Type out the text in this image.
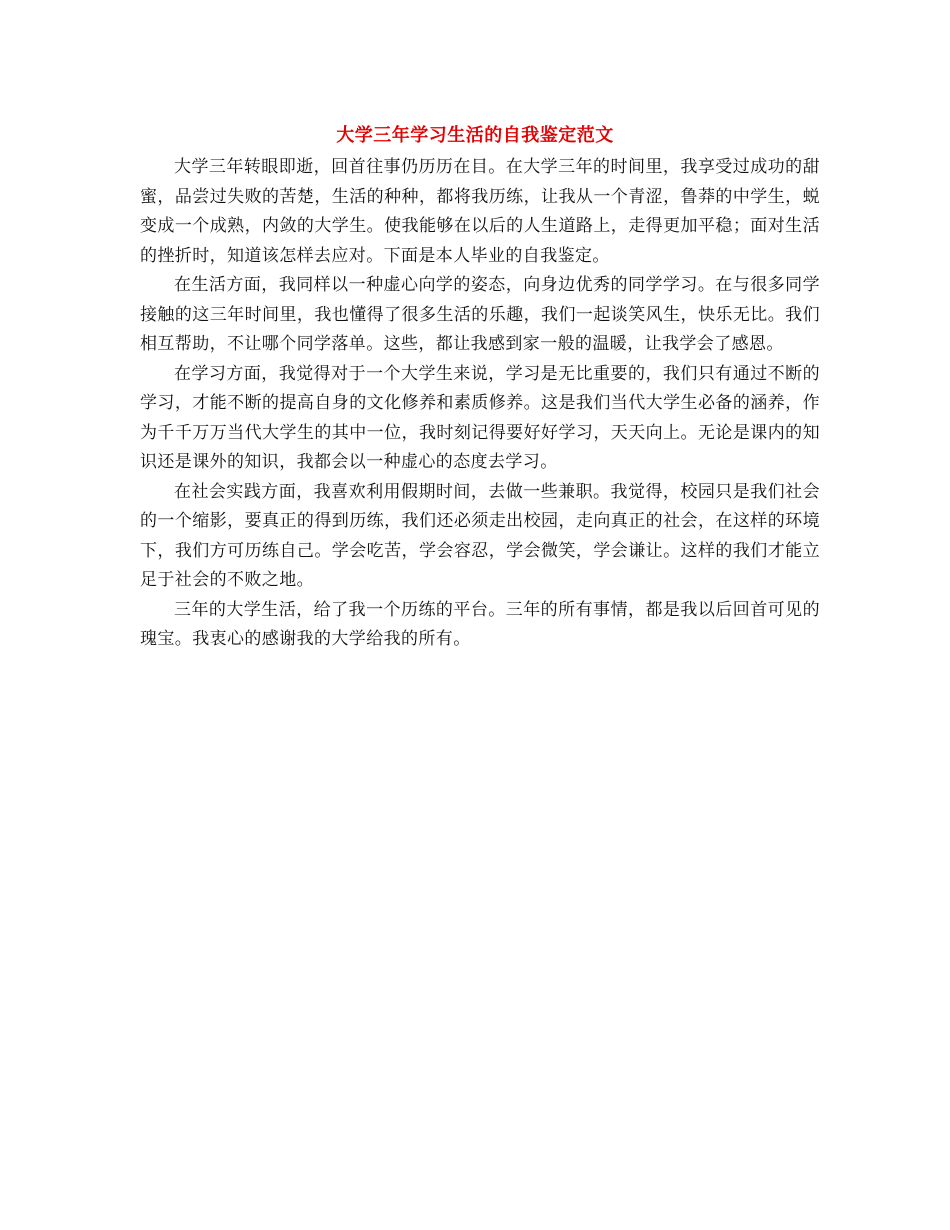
大学三年学习生活的自我鉴定范文

大学三年转眼即逝，回首往事仍历历在目。在大学三年的时间里，我享受过成功的甜蜜，品尝过失败的苦楚，生活的种种，都将我历练，让我从一个青涩，鲁莽的中学生，蜕变成一个成熟，内敛的大学生。使我能够在以后的人生道路上，走得更加平稳；面对生活的挫折时，知道该怎样去应对。下面是本人毕业的自我鉴定。

在生活方面，我同样以一种虚心向学的姿态，向身边优秀的同学学习。在与很多同学接触的这三年时间里，我也懂得了很多生活的乐趣，我们一起谈笑风生，快乐无比。我们相互帮助，不让哪个同学落单。这些，都让我感到家一般的温暖，让我学会了感恩。

在学习方面，我觉得对于一个大学生来说，学习是无比重要的，我们只有通过不断的学习，才能不断的提高自身的文化修养和素质修养。这是我们当代大学生必备的涵养，作为千千万万当代大学生的其中一位，我时刻记得要好好学习，天天向上。无论是课内的知识还是课外的知识，我都会以一种虚心的态度去学习。

在社会实践方面，我喜欢利用假期时间，去做一些兼职。我觉得，校园只是我们社会的一个缩影，要真正的得到历练，我们还必须走出校园，走向真正的社会，在这样的环境下，我们方可历练自己。学会吃苦，学会容忍，学会微笑，学会谦让。这样的我们才能立足于社会的不败之地。

三年的大学生活，给了我一个历练的平台。三年的所有事情，都是我以后回首可见的瑰宝。我衷心的感谢我的大学给我的所有。
